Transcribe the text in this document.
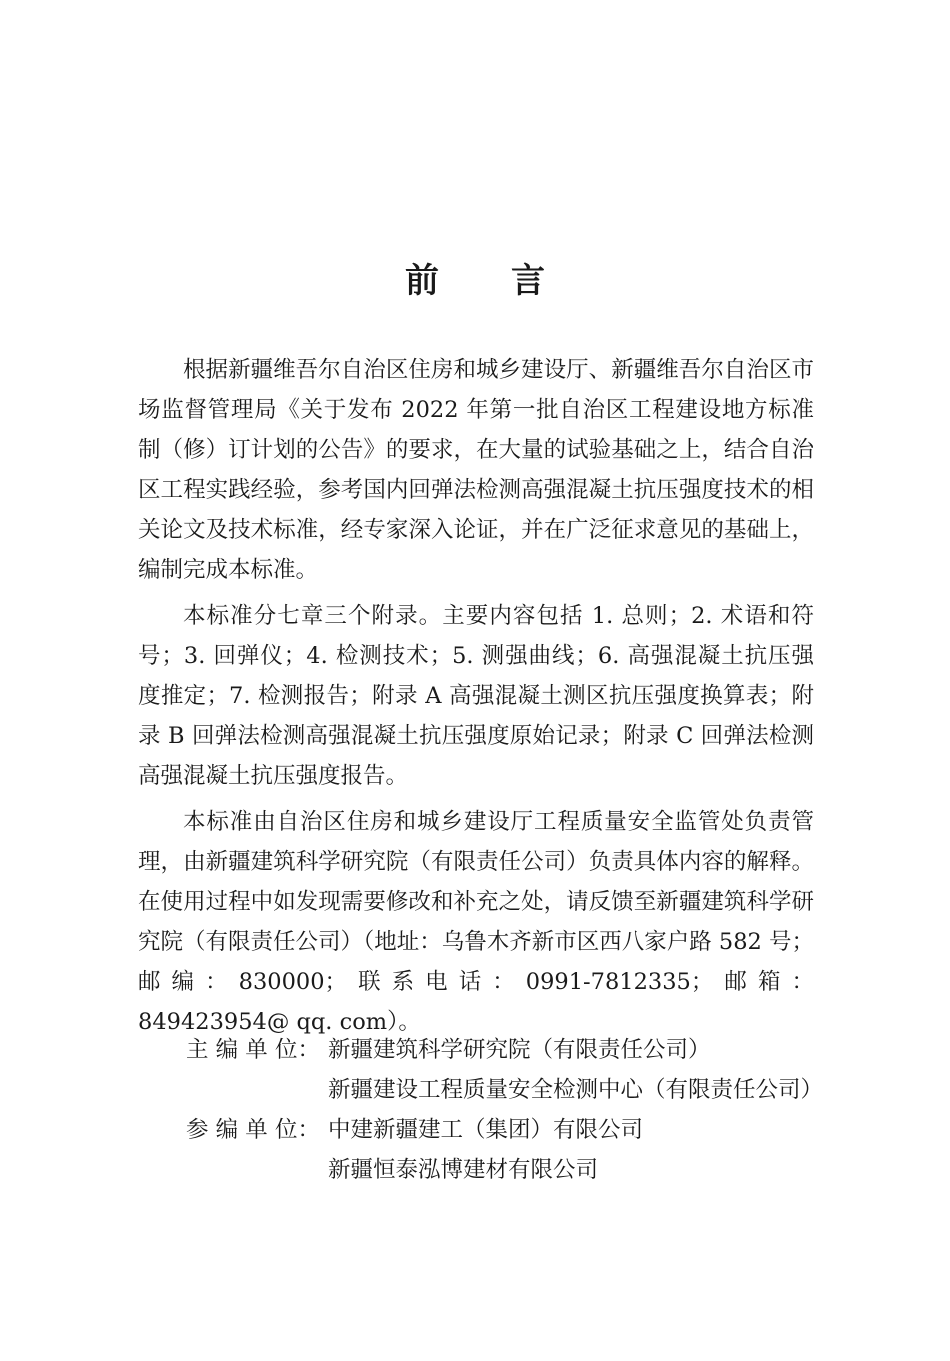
前 言

根据新疆维吾尔自治区住房和城乡建设厅、新疆维吾尔自治区市场监督管理局《关于发布 2022 年第一批自治区工程建设地方标准制（修）订计划的公告》的要求，在大量的试验基础之上，结合自治区工程实践经验，参考国内回弹法检测高强混凝土抗压强度技术的相关论文及技术标准，经专家深入论证，并在广泛征求意见的基础上，编制完成本标准。

本标准分七章三个附录。主要内容包括 1. 总则；2. 术语和符号；3. 回弹仪；4. 检测技术；5. 测强曲线；6. 高强混凝土抗压强度推定；7. 检测报告；附录 A 高强混凝土测区抗压强度换算表；附录 B 回弹法检测高强混凝土抗压强度原始记录；附录 C 回弹法检测高强混凝土抗压强度报告。

本标准由自治区住房和城乡建设厅工程质量安全监管处负责管理，由新疆建筑科学研究院（有限责任公司）负责具体内容的解释。在使用过程中如发现需要修改和补充之处，请反馈至新疆建筑科学研究院（有限责任公司）（地址：乌鲁木齐新市区西八家户路 582 号；邮编：830000；联系电话：0991-7812335；邮箱：849423954@ qq. com）。

主 编 单 位： 新疆建筑科学研究院（有限责任公司）
新疆建设工程质量安全检测中心（有限责任公司）
参 编 单 位： 中建新疆建工（集团）有限公司
新疆恒泰泓博建材有限公司
